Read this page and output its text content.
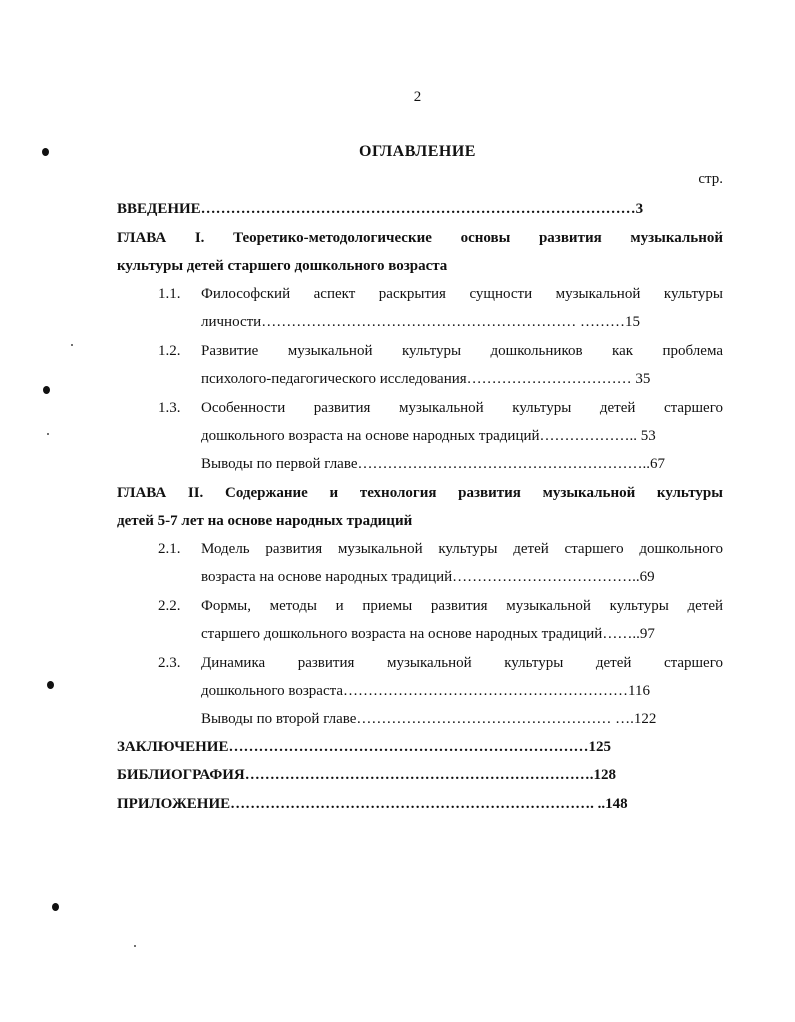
2
ОГЛАВЛЕНИЕ
стр.
ВВЕДЕНИЕ……………………………………………………………………………3
ГЛАВА I. Теоретико-методологические основы развития музыкальной
культуры детей старшего дошкольного возраста
1.1. Философский аспект раскрытия сущности музыкальной культуры
личности……………………………………………………… ………15
1.2. Развитие музыкальной культуры дошкольников как проблема
психолого-педагогического исследования…………………………… 35
1.3. Особенности развития музыкальной культуры детей старшего
дошкольного возраста на основе народных традиций……………….. 53
Выводы по первой главе…………………………………………………..67
ГЛАВА II. Содержание и технология развития музыкальной культуры
детей 5-7 лет на основе народных традиций
2.1. Модель развития музыкальной культуры детей старшего дошкольного
возраста на основе народных традиций………………………………..69
2.2. Формы, методы и приемы развития музыкальной культуры детей
старшего дошкольного возраста на основе народных традиций……..97
2.3. Динамика развития музыкальной культуры детей старшего
дошкольного возраста…………………………………………………116
Выводы по второй главе…………………………………………… ….122
ЗАКЛЮЧЕНИЕ………………………………………………………………125
БИБЛИОГРАФИЯ…………………………………………………………….128
ПРИЛОЖЕНИЕ………………………………………………………………. ..148
